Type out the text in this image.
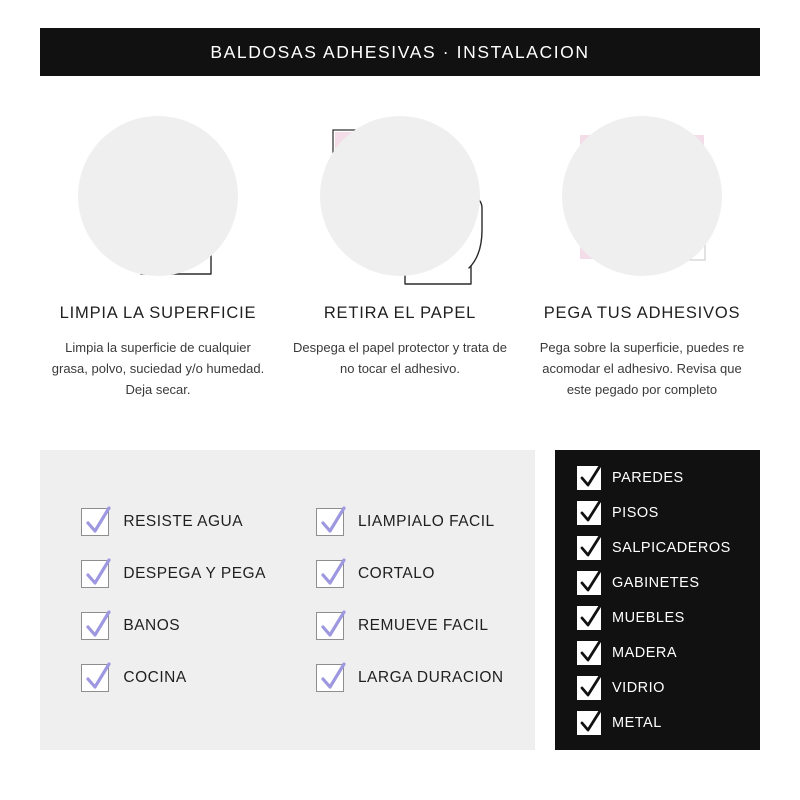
BALDOSAS ADHESIVAS · INSTALACION
LIMPIA LA SUPERFICIE
Limpia la superficie de cualquier grasa, polvo, suciedad y/o humedad. Deja secar.
RETIRA EL PAPEL
Despega el papel protector y trata de no tocar el adhesivo.
PEGA TUS ADHESIVOS
Pega sobre la superficie, puedes re acomodar el adhesivo. Revisa que este pegado por completo
RESISTE AGUA
DESPEGA Y PEGA
BANOS
COCINA
LIAMPIALO FACIL
CORTALO
REMUEVE FACIL
LARGA DURACION
PAREDES
PISOS
SALPICADEROS
GABINETES
MUEBLES
MADERA
VIDRIO
METAL
